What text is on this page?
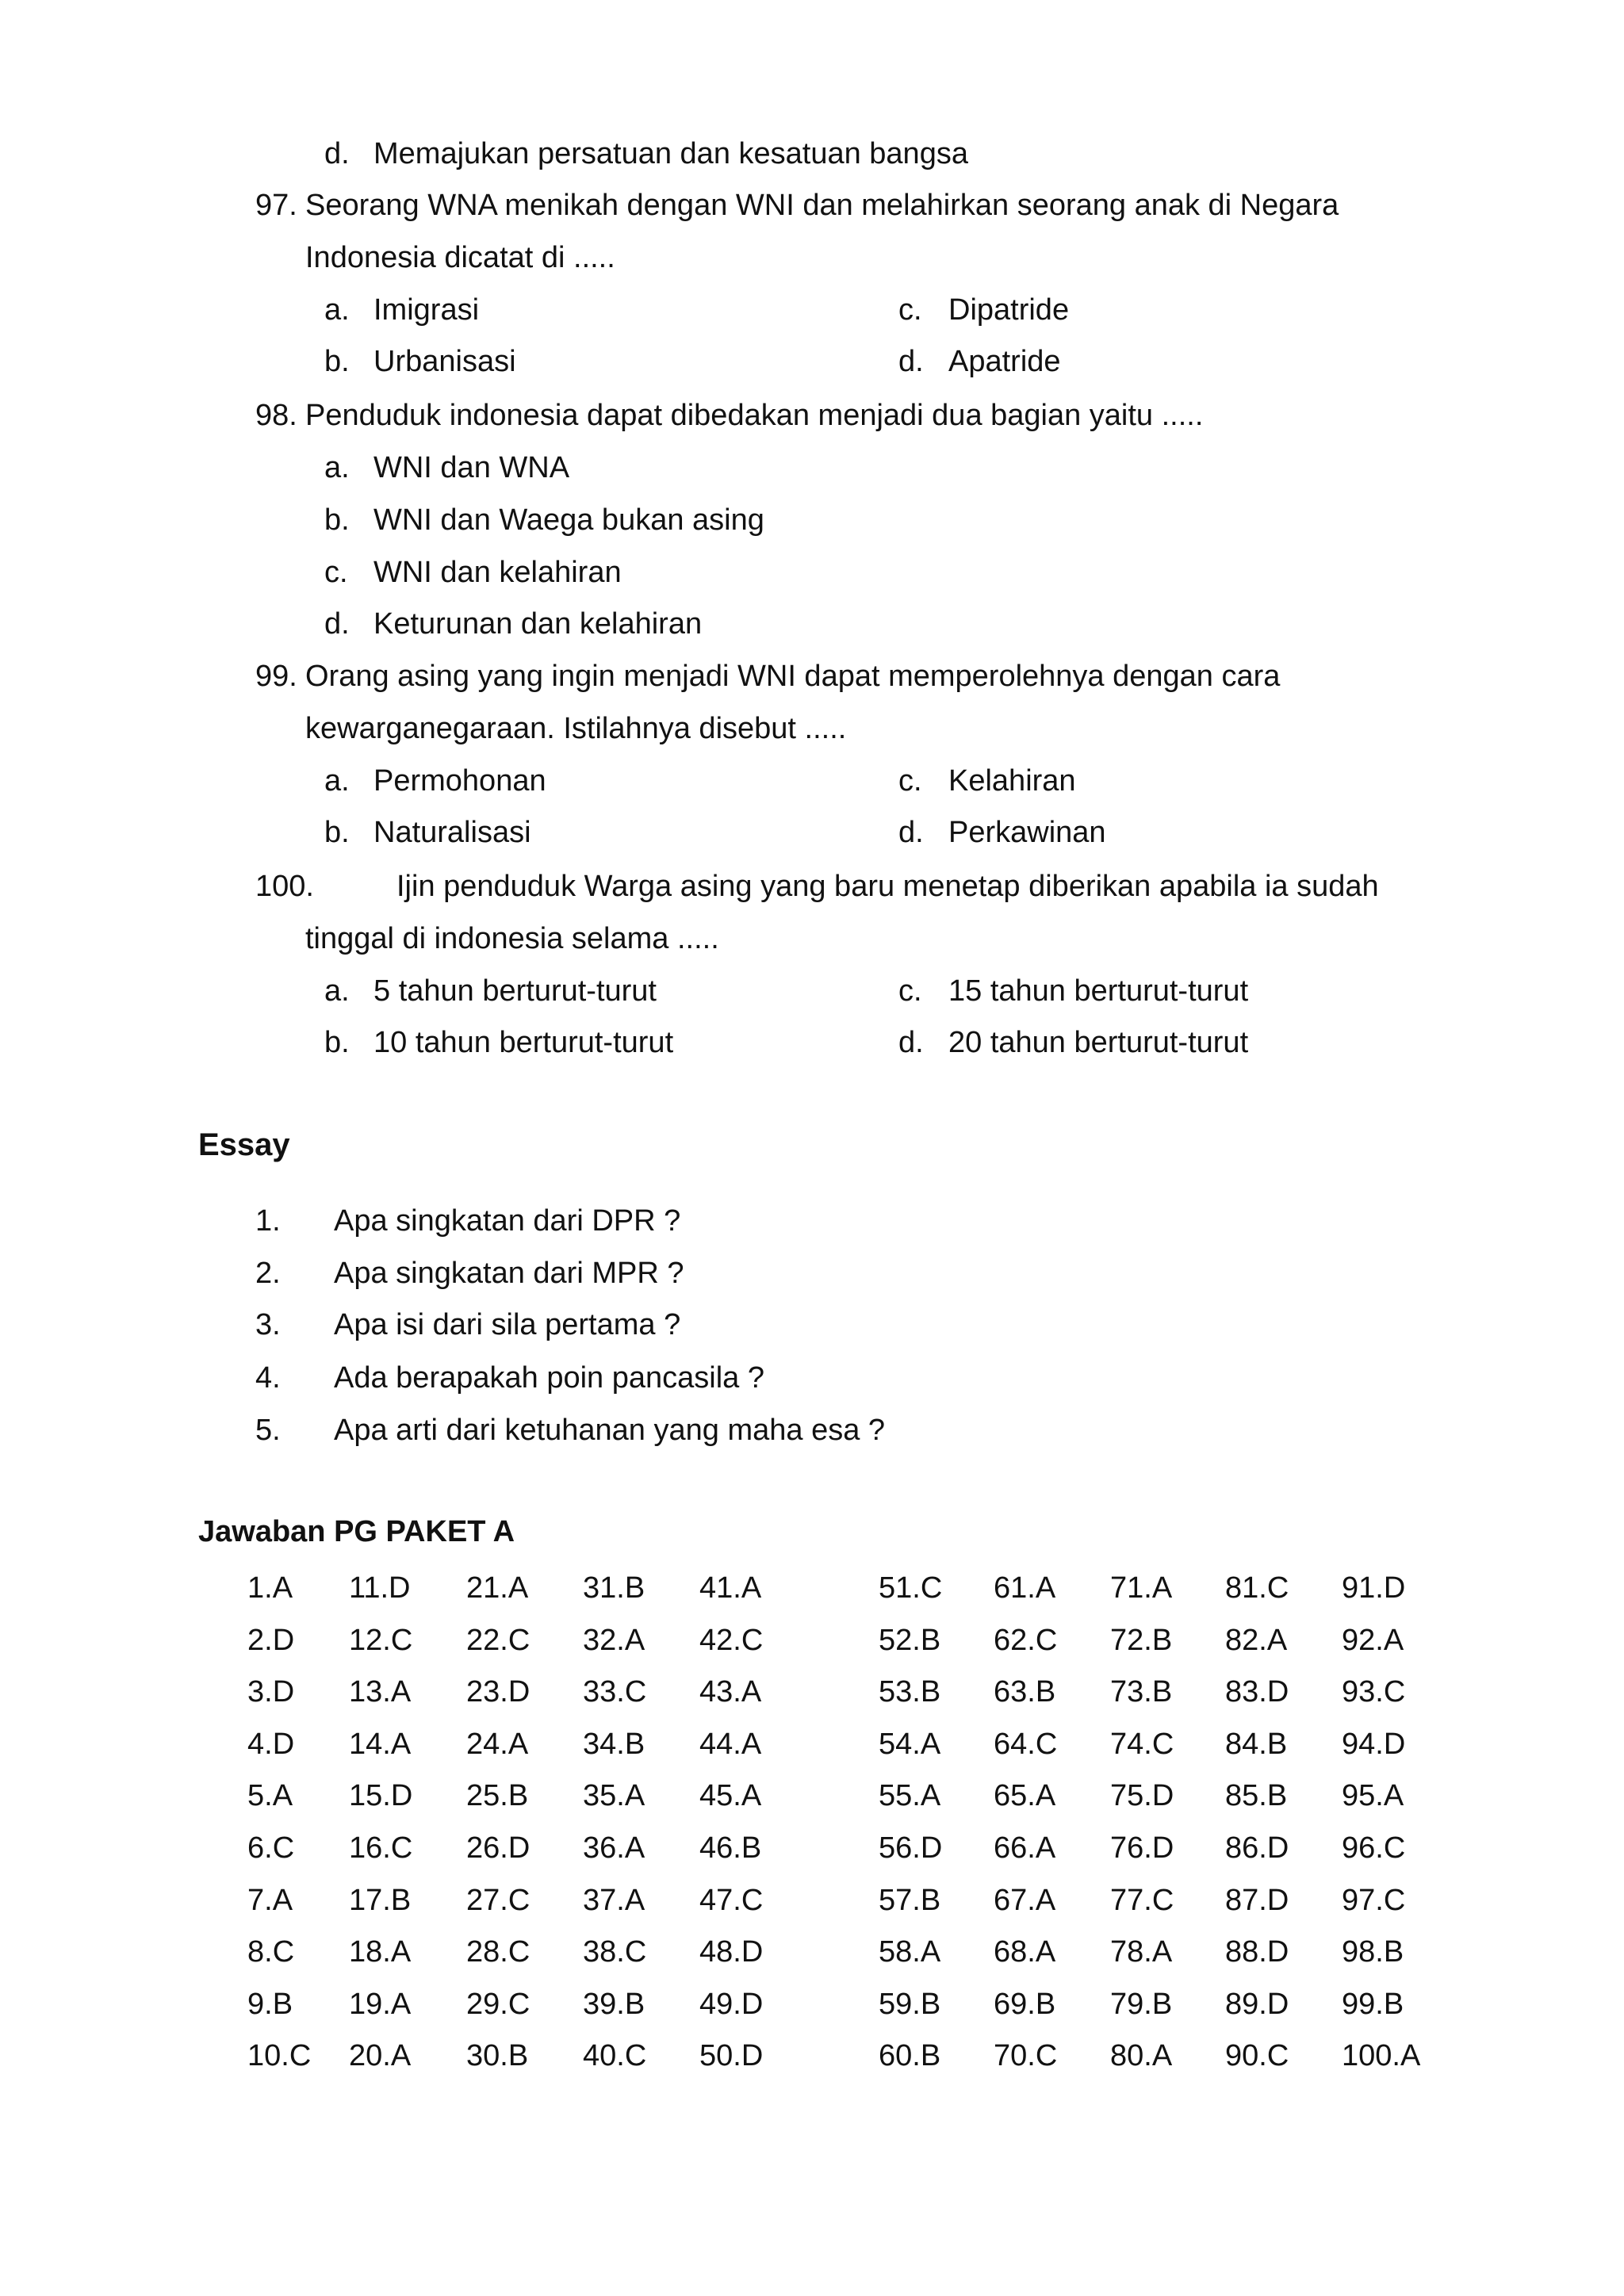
d. Memajukan persatuan dan kesatuan bangsa
97. Seorang WNA menikah dengan WNI dan melahirkan seorang anak di Negara
Indonesia dicatat di .....
a. Imigrasi	c. Dipatride
b. Urbanisasi	d. Apatride
98. Penduduk indonesia dapat dibedakan menjadi dua bagian yaitu .....
a. WNI dan WNA
b. WNI dan Waega bukan asing
c. WNI dan kelahiran
d. Keturunan dan kelahiran
99. Orang asing yang ingin menjadi WNI dapat memperolehnya dengan cara
kewarganegaraan. Istilahnya disebut .....
a. Permohonan	c. Kelahiran
b. Naturalisasi	d. Perkawinan
100.	Ijin penduduk Warga asing yang baru menetap diberikan apabila ia sudah
tinggal di indonesia selama .....
a. 5 tahun berturut-turut	c. 15 tahun berturut-turut
b. 10 tahun berturut-turut	d. 20 tahun berturut-turut
Essay
1. Apa singkatan dari DPR ?
2. Apa singkatan dari MPR ?
3. Apa isi dari sila pertama ?
4. Ada berapakah poin pancasila ?
5. Apa arti dari ketuhanan yang maha esa ?
Jawaban PG PAKET A
1.A 11.D 21.A 31.B 41.A	51.C 61.A 71.A 81.C 91.D
2.D 12.C 22.C 32.A 42.C	52.B 62.C 72.B 82.A 92.A
3.D 13.A 23.D 33.C 43.A	53.B 63.B 73.B 83.D 93.C
4.D 14.A 24.A 34.B 44.A	54.A 64.C 74.C 84.B 94.D
5.A 15.D 25.B 35.A 45.A	55.A 65.A 75.D 85.B 95.A
6.C 16.C 26.D 36.A 46.B	56.D 66.A 76.D 86.D 96.C
7.A 17.B 27.C 37.A 47.C	57.B 67.A 77.C 87.D 97.C
8.C 18.A 28.C 38.C 48.D	58.A 68.A 78.A 88.D 98.B
9.B 19.A 29.C 39.B 49.D	59.B 69.B 79.B 89.D 99.B
10.C 20.A 30.B 40.C 50.D	60.B 70.C 80.A 90.C 100.A
